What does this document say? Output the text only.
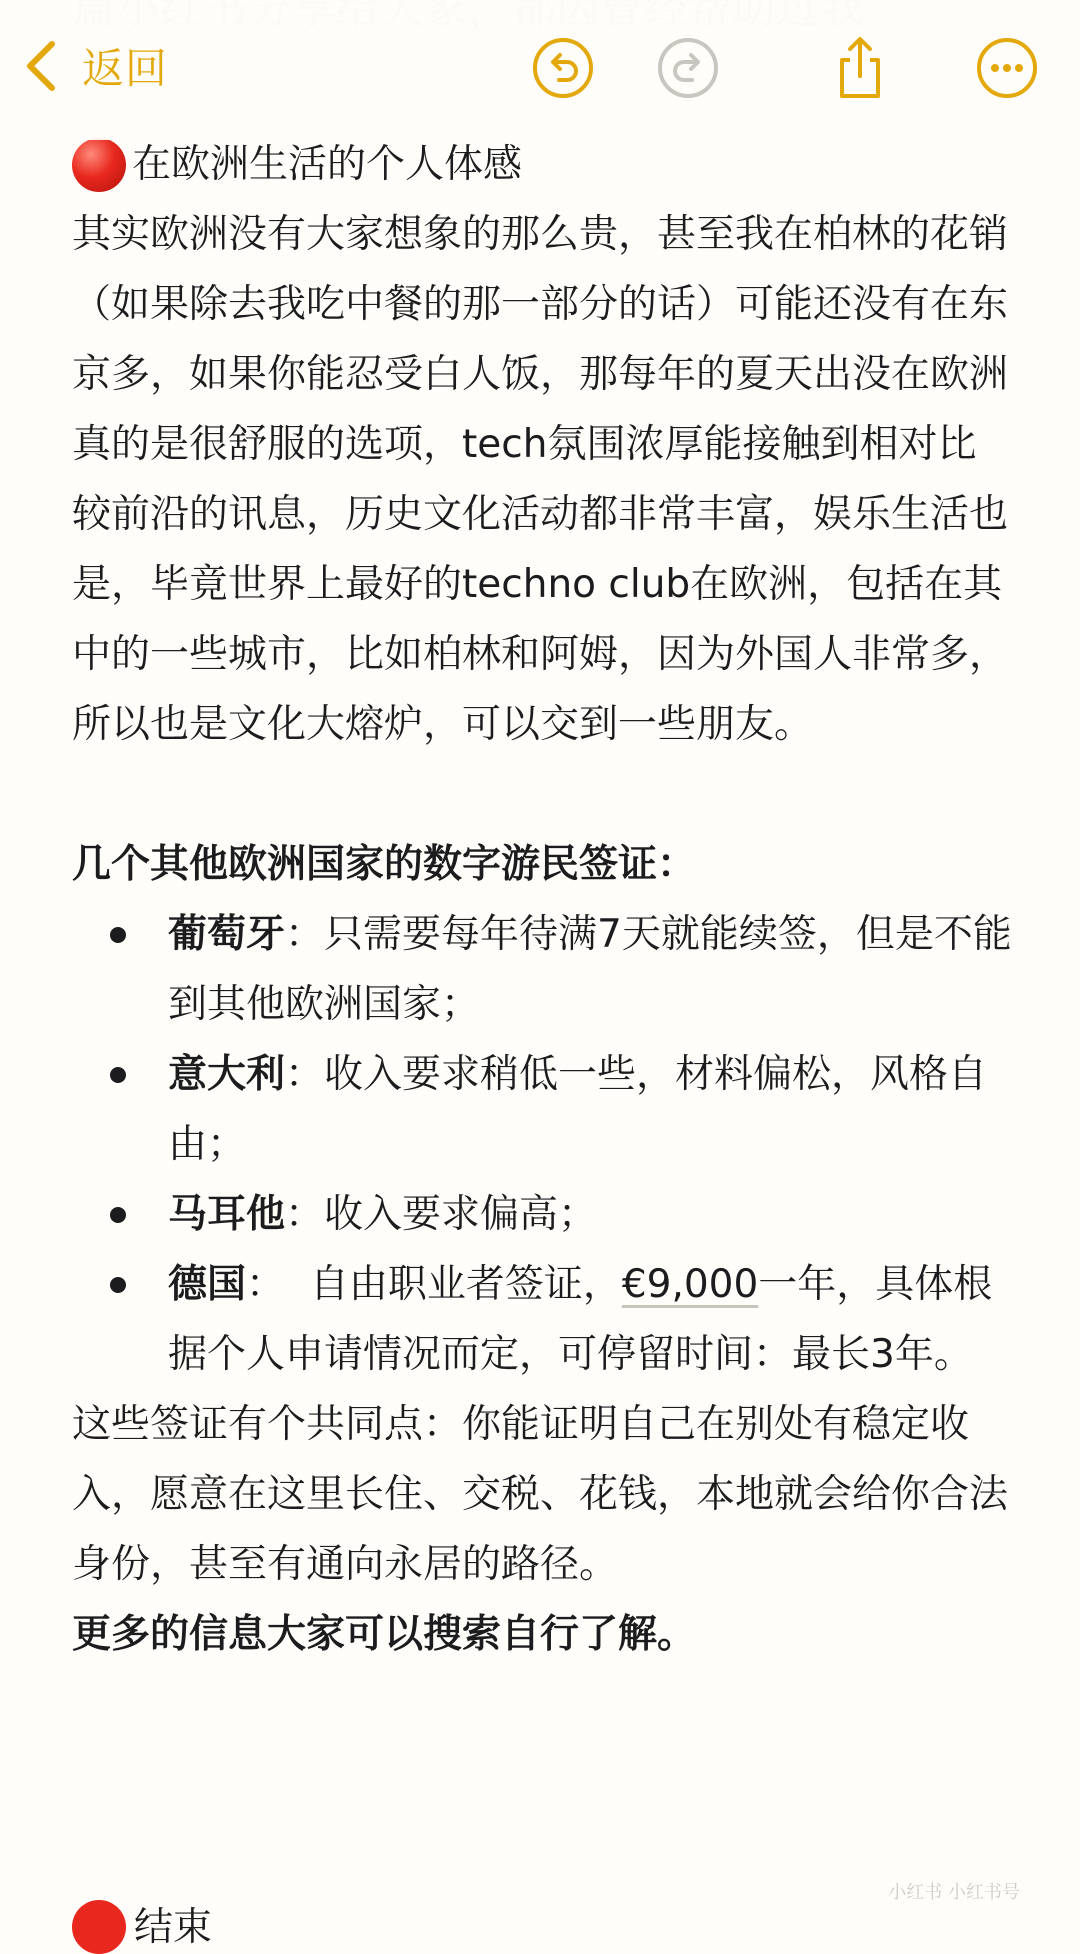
返回

在欧洲生活的个人体感

其实欧洲没有大家想象的那么贵，甚至我在柏林的花销（如果除去我吃中餐的那一部分的话）可能还没有在东京多，如果你能忍受白人饭，那每年的夏天出没在欧洲真的是很舒服的选项，tech氛围浓厚能接触到相对比较前沿的讯息，历史文化活动都非常丰富，娱乐生活也是，毕竟世界上最好的techno club在欧洲，包括在其中的一些城市，比如柏林和阿姆，因为外国人非常多，所以也是文化大熔炉，可以交到一些朋友。

几个其他欧洲国家的数字游民签证：

葡萄牙：只需要每年待满7天就能续签，但是不能到其他欧洲国家；
意大利：收入要求稍低一些，材料偏松，风格自由；
马耳他：收入要求偏高；
德国：  自由职业者签证，€9,000一年，具体根据个人申请情况而定，可停留时间：最长3年。

这些签证有个共同点：你能证明自己在别处有稳定收入，愿意在这里长住、交税、花钱，本地就会给你合法身份，甚至有通向永居的路径。

更多的信息大家可以搜索自行了解。

结束
小红书 小红书号
